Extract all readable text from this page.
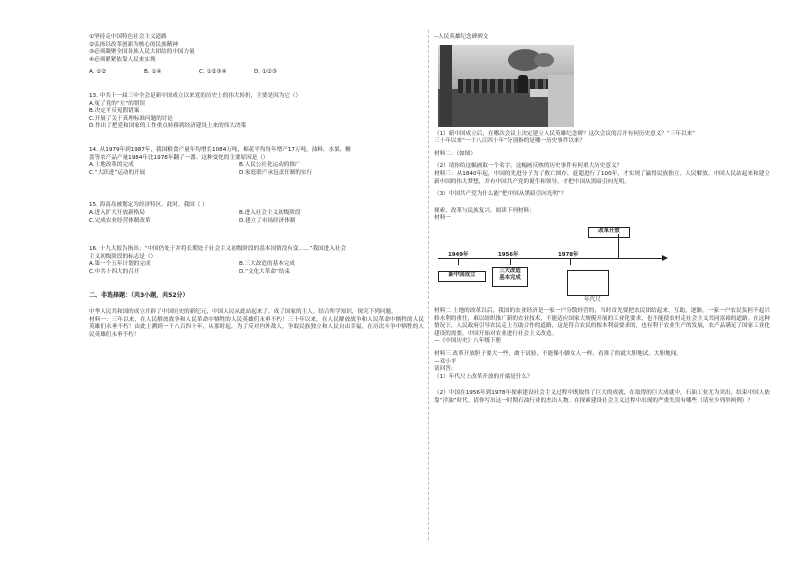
①坚持走中国特色社会主义道路

②弘扬以改革创新为核心的民族精神

③必须凝聚全国各族人民大团结的中国力量

④必须紧紧依靠人民来实现

A. ①②	B. ①④	C. ①②③④	D. ①②③

13. 中共十一届三中全会是新中国成立以来党的历史上的伟大转折，主要是因为它（）

A.冤了党的“左”的错误

B.决定平反冤假错案

C.开展了关于真理标准问题的讨论

D.作出了把党和国家的工作重点转移到经济建设上来的伟大决策

14. 从1979年到1987年，我国粮食产量年均增长1084万吨，棉花平均每年增产17万吨，油料、水果、糖

蔷等农产品产量1984年比1978年翻了一番。这种变化的主要原因是（）

A.土地改革的完成	B.人民公社化运动的推广
C.“大跃进”运动的开展	D.家庭联产承包责任制的实行

15. 海南岛被划定为经济特区。此时，我国（ ）

A.进入扩大开放新格局	B.进入社会主义初级阶段
C.完成农业经营体制改革	D.建立了市场经济体制

16. 十九大报告指出：“中国仍处于并将长期处于社会主义初级阶段的基本国情没有变……”我国进入社会

主义初级阶段的标志是（）

A.第一个五年计划的完成	B.三大改造的基本完成
C.中共十四大的召开	D.“文化大革命”结束

二、非选择题：（共3小题，共52分）

中华人民共和国的成立开辟了中国历史的新纪元，中国人民从此站起来了，成了国家的主人。结合所学知识，探究下列问题。

材料一：三年以来，在人民解放战争和人民革命中牺牲的人民英雄们永垂不朽！三十年以来，在人民解放战争和人民革命中牺牲的人民英雄们永垂不朽！由此上溯到一千八百四十年，从那时起，为了反对内外敌人，争取民族独立和人民自由幸福，在历次斗争中牺牲的人民英雄们永垂不朽！

--人民英雄纪念碑碑文

（1）新中国成立后，在哪次会议上决定建立人民英雄纪念碑？这次会议的召开有何历史意义？“三年以来”

三十年以来“一千八百四十年”分别指的是哪一历史事件以来？

材料二：（如图）

（2）请你给这幅画取一个名字。这幅画反映的历史事件有何重大历史意义？

材料三：从1840年起，中国的先进分子为了救亡图存，赶超进行了100年，才实现了赢得民族独立、人民解放、中国人民站起来和建立新中国的伟大梦想，并有中国共产党的诞生和领导，才把中国从黑暗引向光明。

（3）中国共产党为什么能“把中国从黑暗引向光明”？

探索、改革与民族复兴。阅读下列材料：

材料一

改革开放
1949年	1956年	1978年
新中国成立
三大改造
基本完成
年代尺

材料二 土地的改革以后，我国的农业经济是一家一户分散经营的，当时首先要把农民团结起来，互助，逐渐，一家一户农民负担不起兴修水利的重任，难以组织推广新的农业技术，不能适应国家大规模开展的工业化要求，也不能使农村走社会主义共同富裕的道路。在这种情况下，人民政府引导农民走上互助合作的道路，这是符合农民的根本利益要求的，也有利于农业生产的发展，农产品满足了国家工业化建设的需要，中国开始对农业进行社会主义改造。

—《中国历史》八年级下册

材料三 改革开放胆子要大一些，敢于试验，不能像小脚女人一样，看准了的就大胆地试，大胆地闯。

—邓小平

请回答：

（1）年代尺上改革开放的开端是什么？

（2）中国在1956年到1978年探索建设社会主义过程中既取得了巨大的成就，在取得的巨大成就中，石油工业尤为突出，结束中国人依靠“洋油”时代。请你写出这一时期石油行业的杰出人物。在探索建设社会主义过程中出现的严重失误有哪些（请至少列举两例）？
